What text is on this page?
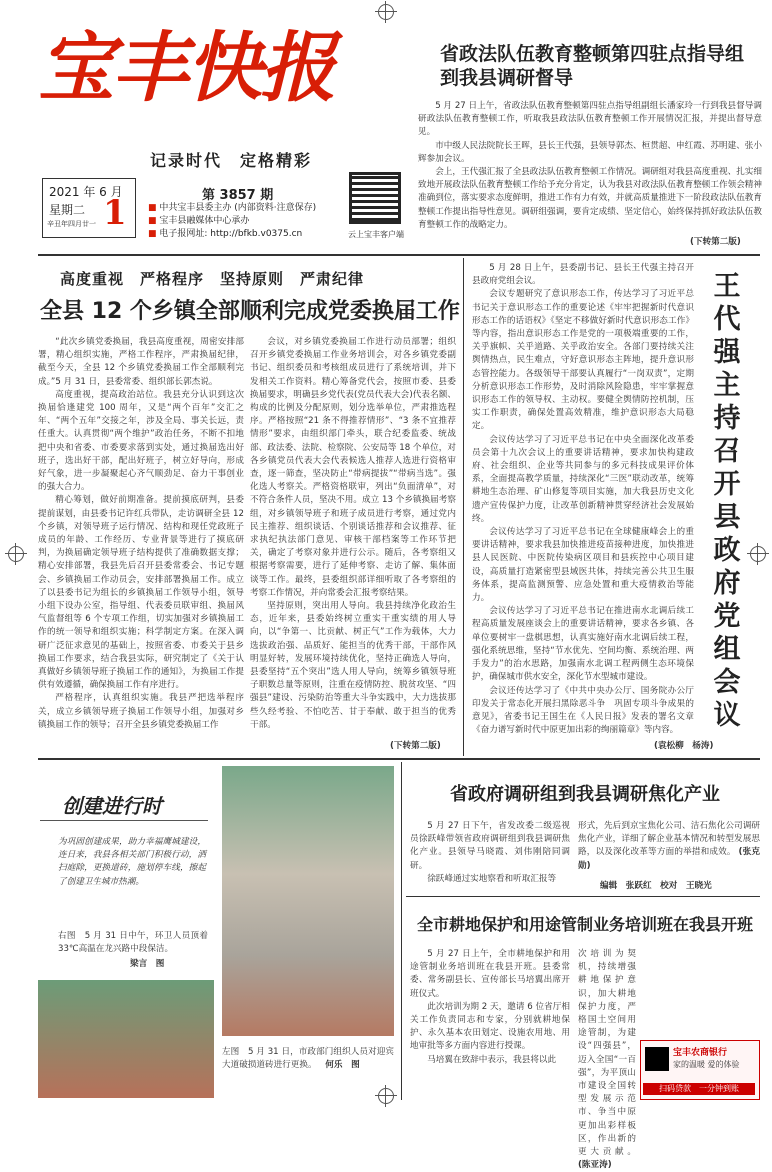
宝丰快报
记录时代　定格精彩
2021 年 6 月
星期二
辛丑年四月廿一 1	第 3857 期
■ 中共宝丰县委主办 (内部资料·注意保存)
■ 宝丰县融媒体中心承办
■ 电子报网址: http://bfkb.v0375.cn	云上宝丰客户端
省政法队伍教育整顿第四驻点指导组到我县调研督导

5 月 27 日上午，省政法队伍教育整顿第四驻点指导组副组长潘家玲一行到我县督导调研政法队伍教育整顿工作，听取我县政法队伍教育整顿工作开展情况汇报，并提出督导意见。

市中级人民法院院长王晖，县长王代强，县领导郭杰、桓贯超、申红霞、苏明建、张小辉参加会议。

会上，王代强汇报了全县政法队伍教育整顿工作情况。调研组对我县高度重视、扎实细致地开展政法队伍教育整顿工作给予充分肯定，认为我县对政法队伍教育整顿工作领会精神准确到位，落实要求态度鲜明，推进工作有力有效，并就高质量推进下一阶段政法队伍教育整顿工作提出指导性意见。调研组强调，要肯定成绩、坚定信心，始终保持抓好政法队伍教育整顿工作的战略定力。

(下转第二版)
高度重视　严格程序　坚持原则　严肃纪律
全县 12 个乡镇全部顺利完成党委换届工作

“此次乡镇党委换届，我县高度重视，周密安排部署，精心组织实施，严格工作程序，严肃换届纪律，截至今天，全县 12 个乡镇党委换届工作全部顺利完成。”5 月 31 日，县委常委、组织部长郭杰说。

高度重视，提高政治站位。我县充分认识到这次换届恰逢建党 100 周年，又是“两个百年”交汇之年、“两个五年”交接之年，涉及全局、事关长远，责任重大。认真贯彻“两个维护”政治任务，不断不扣地把中央和省委、市委要求落到实处，通过换届选出好班子，选出好干部，配出好班子，树立好导向，形成好气象，进一步凝聚起心齐气顺劲足、奋力干事创业的强大合力。

精心筹划，做好前期准备。提前摸底研判，县委提前谋划，由县委书记许红兵带队，走访调研全县 12 个乡镇，对领导班子运行情况、结构和现任党政班子成员的年龄、工作经历、专业背景等进行了摸底研判，为换届确定领导班子结构提供了准确数据支撑；精心安排部署，我县先后召开县委常委会、书记专题会、乡镇换届工作动员会，安排部署换届工作。成立了以县委书记为组长的乡镇换届工作领导小组，领导小组下设办公室，指导组、代表委员联审组、换届风气监督组等 6 个专项工作组，切实加强对乡镇换届工作的统一领导和组织实施；科学制定方案。在深入调研广泛征求意见的基础上，按照省委、市委关于县乡换届工作要求，结合我县实际，研究制定了《关于认真做好乡镇领导班子换届工作的通知》，为换届工作提供有效遵循，确保换届工作有序进行。

严格程序，认真组织实施。我县严把选举程序关，成立乡镇领导班子换届工作领导小组，加强对乡镇换届工作的领导；召开全县乡镇党委换届工作

会议，对乡镇党委换届工作进行动员部署；组织召开乡镇党委换届工作业务培训会，对各乡镇党委副书记、组织委员和考核组成员进行了系统培训，并下发相关工作资料。精心筹备党代会，按照市委、县委换届要求，明确县乡党代表(党员代表大会)代表名额、构成的比例及分配原则，划分选举单位，严肃推选程序。严格按照“21 条不得推荐情形”、“3 条不宜推荐情形”要求，由组织部门牵头，联合纪委监委、统战部、政法委、法院、检察院、公安局等 18 个单位，对各乡镇党员代表大会代表候选人推荐人选进行资格审查，逐一筛查，坚决防止“带病提拔”“带病当选”。强化选人考察关。严格资格联审，列出“负面清单”，对不符合条件人员，坚决不用。成立 13 个乡镇换届考察组，对乡镇领导班子和班子成员进行考察，通过党内民主推荐、组织谈话、个别谈话推荐和会议推荐、征求执纪执法部门意见、审核干部档案等工作环节把关，确定了考察对象并进行公示。随后，各考察组又根据考察需要，进行了延伸考察、走访了解、集体面谈等工作。最终，县委组织部详细听取了各考察组的考察工作情况，并向常委会汇报考察结果。

坚持原则，突出用人导向。我县持续净化政治生态，近年来，县委始终树立重实干重实绩的用人导向，以“争第一、比贡献、树正气”工作为载体，大力选拔政治强、品质好、能担当的优秀干部，干部作风明显好转，发展环境持续优化，坚持正确选人导向，县委坚持“五个突出”选人用人导向，统筹乡镇领导班子职数总量等原则，注重在疫情防控、脱贫攻坚、“四强县”建设、污染防治等重大斗争实践中，大力选拔那些久经考验、不怕吃苦、甘于奉献、敢于担当的优秀干部。

(下转第二版)

5 月 28 日上午，县委副书记、县长王代强主持召开县政府党组会议。

会议专题研究了意识形态工作，传达学习了习近平总书记关于意识形态工作的重要论述《牢牢把握新时代意识形态工作的话语权》《坚定不移做好新时代意识形态工作》等内容，指出意识形态工作是党的一项极端重要的工作，关乎旗帜、关乎道路、关乎政治安全。各部门要持续关注舆情热点，民生难点，守好意识形态主阵地，提升意识形态管控能力。各级领导干部要认真履行“一岗双责”，定期分析意识形态工作形势，及时消除风险隐患，牢牢掌握意识形态工作的领导权、主动权。要健全舆情防控机制，压实工作职责，确保处置高效精准，维护意识形态大局稳定。

会议传达学习了习近平总书记在中央全面深化改革委员会第十九次会议上的重要讲话精神，要求加快构建政府、社会组织、企业等共同参与的多元科技成果评价体系，全面提高教学质量，持续深化“三医”联动改革，统筹耕地生态治理、矿山修复等项目实施，加大我县历史文化遗产宣传保护力度，让改革创新精神贯穿经济社会发展始终。

会议传达学习了习近平总书记在全球健康峰会上的重要讲话精神，要求我县加快推进疫苗接种进度，加快推进县人民医院、中医院传染病区项目和县疾控中心项目建设，高质量打造紧密型县域医共体，持续完善公共卫生服务体系，提高监测预警、应急处置和重大疫情救治等能力。

会议传达学习了习近平总书记在推进南水北调后续工程高质量发展座谈会上的重要讲话精神，要求各乡镇、各单位要树牢一盘棋思想，认真实施好南水北调后续工程，强化系统思维，坚持“节水优先、空间均衡、系统治理、两手发力”的治水思路，加强南水北调工程两侧生态环境保护，确保城市供水安全，深化节水型城市建设。

会议还传达学习了《中共中央办公厅、国务院办公厅印发关于常态化开展扫黑除恶斗争　巩固专项斗争成果的意见》，省委书记王国生在《人民日报》发表的署名文章《奋力谱写新时代中原更加出彩的绚丽篇章》等内容。

(袁松柳　杨涛)
王代强主持召开县政府党组会议
创建进行时
为巩固创建成果，助力幸福鹰城建设，连日来，我县各相关部门积极行动，洒扫庭除，更换道砖，施划停车线，擦起了创建卫生城市热潮。
右图　5 月 31 日中午，环卫人员顶着 33℃高温在龙兴路中段保洁。
梁言　图
左图　5 月 31 日，市政部门组织人员对迎宾大道破损道砖进行更换。 何乐　图
省政府调研组到我县调研焦化产业

5 月 27 日下午，省发改委二级巡视员徐跃峰带领省政府调研组到我县调研焦化产业。县领导马晓霞、刘伟刚陪同调研。

徐跃峰通过实地察看和听取汇报等

形式，先后到京宝焦化公司、洁石焦化公司调研焦化产业，详细了解企业基本情况和转型发展思路，以及深化改革等方面的举措和成效。 (张克勋)
编辑　张跃红　校对　王晓光
全市耕地保护和用途管制业务培训班在我县开班

5 月 27 日上午，全市耕地保护和用途管制业务培训班在我县开班。县委常委、常务副县长、宣传部长马培翼出席开班仪式。

此次培训为期 2 天，邀请 6 位省厅相关工作负责同志和专家，分别就耕地保护、永久基本农田划定、设施农用地、用地审批等多方面内容进行授课。

马培翼在致辞中表示，我县将以此

次培训为契机，持续增强耕地保护意识，加大耕地保护力度，严格国土空间用途管制，为建设“四强县”，迈入全国“一百强”，为平顶山市建设全国转型发展示范市、争当中原更加出彩样板区，作出新的更大贡献。 (陈亚涛)
宝丰农商银行
家的温暖 爱的体验
扫码贷款　一分钟到账
